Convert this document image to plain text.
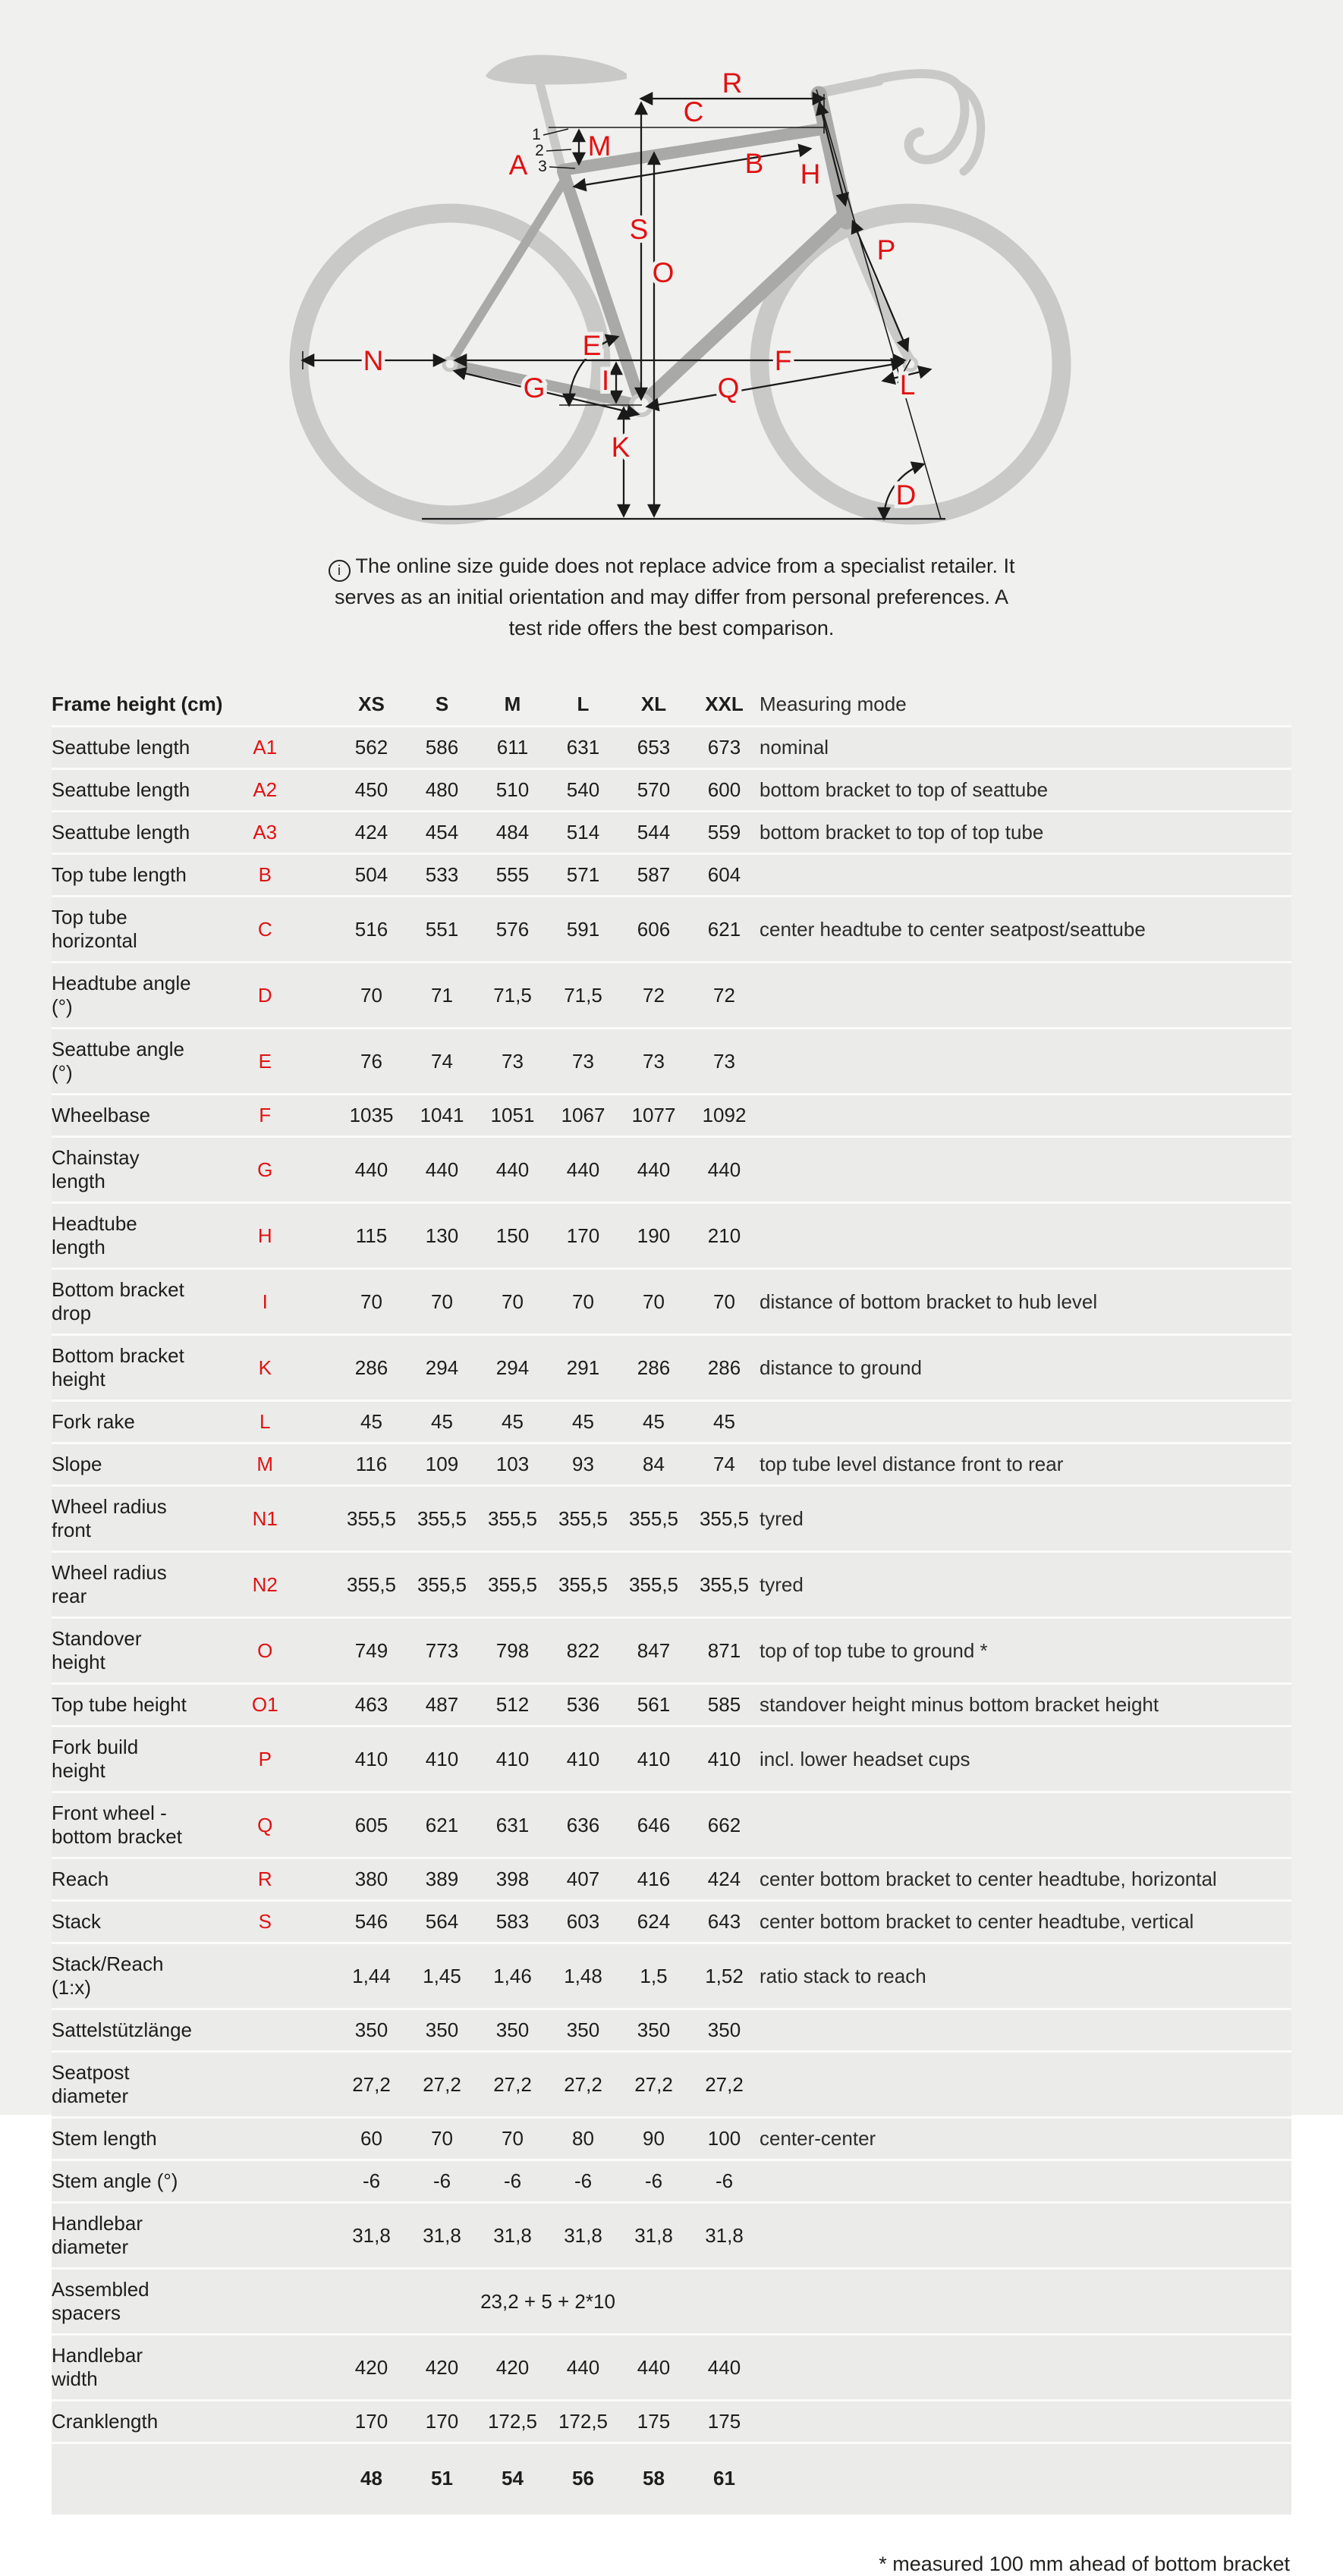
R
C
M
A
1
2
3	B H
S
O
P
E
N
G I	Q
F
L
K
D
i The online size guide does not replace advice from a specialist retailer. It
serves as an initial orientation and may differ from personal preferences. A
test ride offers the best comparison.
Frame height (cm)		XS	S	M	L	XL	XXL	Measuring mode
Seattube length	A1	562	586	611	631	653	673	nominal
Seattube length	A2	450	480	510	540	570	600	bottom bracket to top of seattube
Seattube length	A3	424	454	484	514	544	559	bottom bracket to top of top tube
Top tube length	B	504	533	555	571	587	604	
Top tube horizontal	C	516	551	576	591	606	621	center headtube to center seatpost/seattube
Headtube angle (°)	D	70	71	71,5	71,5	72	72	
Seattube angle (°)	E	76	74	73	73	73	73	
Wheelbase	F	1035	1041	1051	1067	1077	1092	
Chainstay length	G	440	440	440	440	440	440	
Headtube length	H	115	130	150	170	190	210	
Bottom bracket drop	I	70	70	70	70	70	70	distance of bottom bracket to hub level
Bottom bracket height	K	286	294	294	291	286	286	distance to ground
Fork rake	L	45	45	45	45	45	45	
Slope	M	116	109	103	93	84	74	top tube level distance front to rear
Wheel radius front	N1	355,5	355,5	355,5	355,5	355,5	355,5	tyred
Wheel radius rear	N2	355,5	355,5	355,5	355,5	355,5	355,5	tyred
Standover height	O	749	773	798	822	847	871	top of top tube to ground *
Top tube height	O1	463	487	512	536	561	585	standover height minus bottom bracket height
Fork build height	P	410	410	410	410	410	410	incl. lower headset cups
Front wheel - bottom bracket	Q	605	621	631	636	646	662	
Reach	R	380	389	398	407	416	424	center bottom bracket to center headtube, horizontal
Stack	S	546	564	583	603	624	643	center bottom bracket to center headtube, vertical
Stack/Reach (1:x)		1,44	1,45	1,46	1,48	1,5	1,52	ratio stack to reach
Sattelstützlänge		350	350	350	350	350	350	
Seatpost diameter		27,2	27,2	27,2	27,2	27,2	27,2	
Stem length		60	70	70	80	90	100	center-center
Stem angle (°)		-6	-6	-6	-6	-6	-6	
Handlebar diameter		31,8	31,8	31,8	31,8	31,8	31,8	
Assembled spacers		23,2 + 5 + 2*10						
Handlebar width		420	420	420	440	440	440	
Cranklength		170	170	172,5	172,5	175	175	
		48	51	54	56	58	61	
* measured 100 mm ahead of bottom bracket
